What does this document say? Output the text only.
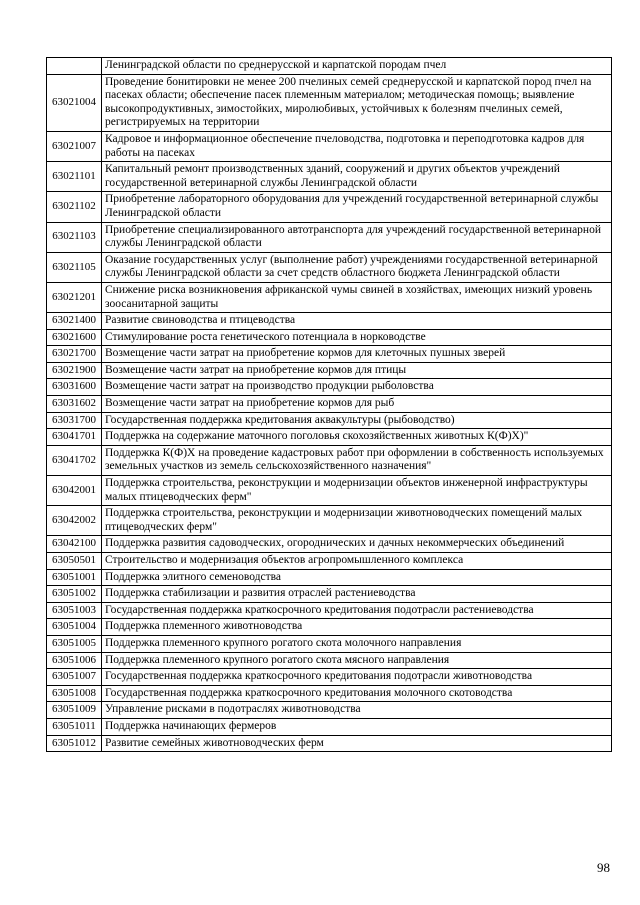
	Ленинградской области по среднерусской и карпатской породам пчел
63021004	Проведение бонитировки не менее 200 пчелиных семей среднерусской и карпатской пород пчел на пасеках области; обеспечение пасек племенным материалом; методическая помощь; выявление высокопродуктивных, зимостойких, миролюбивых, устойчивых к болезням пчелиных семей, регистрируемых на территории
63021007	Кадровое и информационное обеспечение пчеловодства, подготовка и переподготовка кадров для работы на пасеках
63021101	Капитальный ремонт производственных зданий, сооружений и других объектов учреждений государственной ветеринарной службы Ленинградской области
63021102	Приобретение лабораторного оборудования для учреждений государственной ветеринарной службы Ленинградской области
63021103	Приобретение специализированного автотранспорта для учреждений государственной ветеринарной службы Ленинградской области
63021105	Оказание государственных услуг (выполнение работ) учреждениями государственной ветеринарной службы Ленинградской области за счет средств областного бюджета Ленинградской области
63021201	Снижение риска возникновения африканской чумы свиней в хозяйствах, имеющих низкий уровень зоосанитарной защиты
63021400	Развитие свиноводства и птицеводства
63021600	Стимулирование роста генетического потенциала в норководстве
63021700	Возмещение части затрат на приобретение кормов для клеточных пушных зверей
63021900	Возмещение части затрат на приобретение кормов для птицы
63031600	Возмещение части затрат на производство продукции рыболовства
63031602	Возмещение части затрат на приобретение кормов для рыб
63031700	Государственная поддержка кредитования аквакультуры (рыбоводство)
63041701	Поддержка на содержание маточного поголовья скохозяйственных животных К(Ф)Х)"
63041702	Поддержка К(Ф)Х на проведение кадастровых работ при оформлении в собственность используемых земельных участков из земель сельскохозяйственного назначения"
63042001	Поддержка строительства, реконструкции и модернизации объектов инженерной инфраструктуры малых птицеводческих ферм"
63042002	Поддержка строительства, реконструкции и модернизации животноводческих помещений малых птицеводческих ферм"
63042100	Поддержка развития садоводческих, огороднических и дачных некоммерческих объединений
63050501	Строительство и модернизация объектов агропромышленного комплекса
63051001	Поддержка элитного семеноводства
63051002	Поддержка стабилизации и развития отраслей растениеводства
63051003	Государственная поддержка краткосрочного кредитования подотрасли растениеводства
63051004	Поддержка племенного животноводства
63051005	Поддержка племенного крупного рогатого скота молочного направления
63051006	Поддержка племенного крупного рогатого скота мясного направления
63051007	Государственная поддержка краткосрочного кредитования подотрасли животноводства
63051008	Государственная поддержка краткосрочного кредитования молочного скотоводства
63051009	Управление рисками в подотраслях животноводства
63051011	Поддержка начинающих фермеров
63051012	Развитие семейных животноводческих ферм
98
